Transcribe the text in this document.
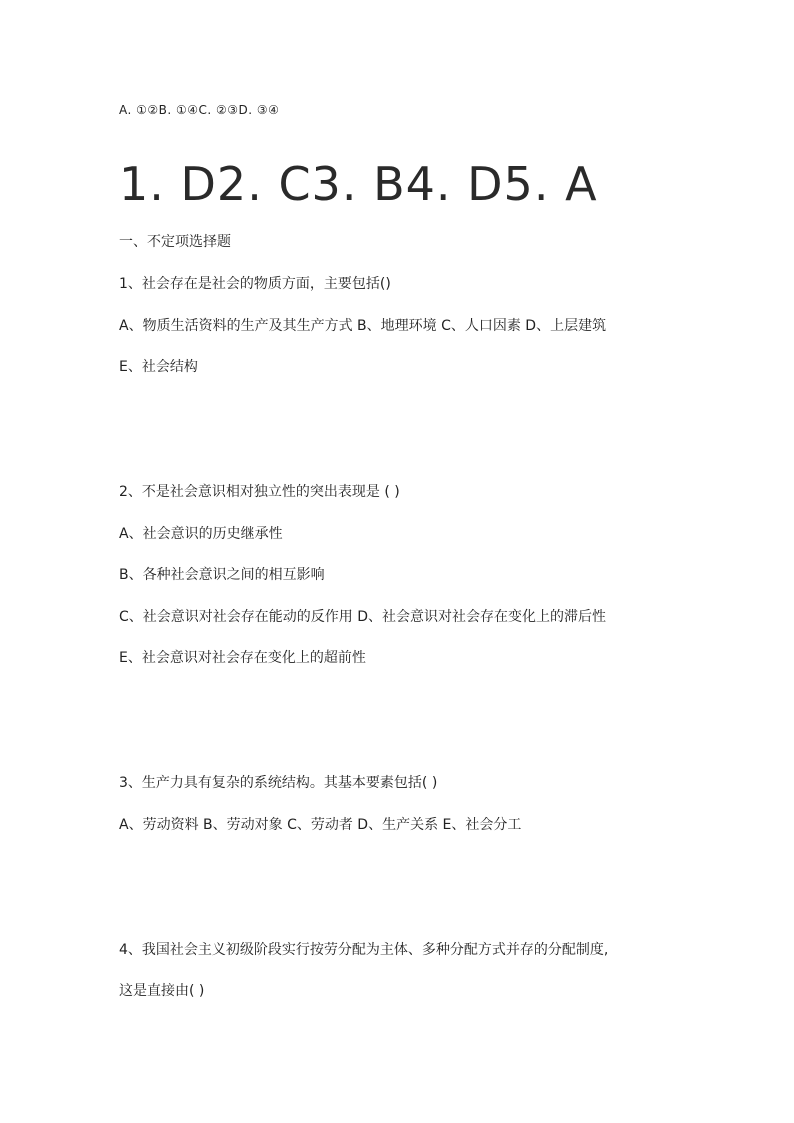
A. ①②B. ①④C. ②③D. ③④
1. D2. C3. B4. D5. A
一、不定项选择题
1、社会存在是社会的物质方面，主要包括()
A、物质生活资料的生产及其生产方式 B、地理环境 C、人口因素 D、上层建筑
E、社会结构
2、不是社会意识相对独立性的突出表现是 ( )
A、社会意识的历史继承性
B、各种社会意识之间的相互影响
C、社会意识对社会存在能动的反作用 D、社会意识对社会存在变化上的滞后性
E、社会意识对社会存在变化上的超前性
3、生产力具有复杂的系统结构。其基本要素包括( )
A、劳动资料 B、劳动对象 C、劳动者 D、生产关系 E、社会分工
4、我国社会主义初级阶段实行按劳分配为主体、多种分配方式并存的分配制度,
这是直接由( )
